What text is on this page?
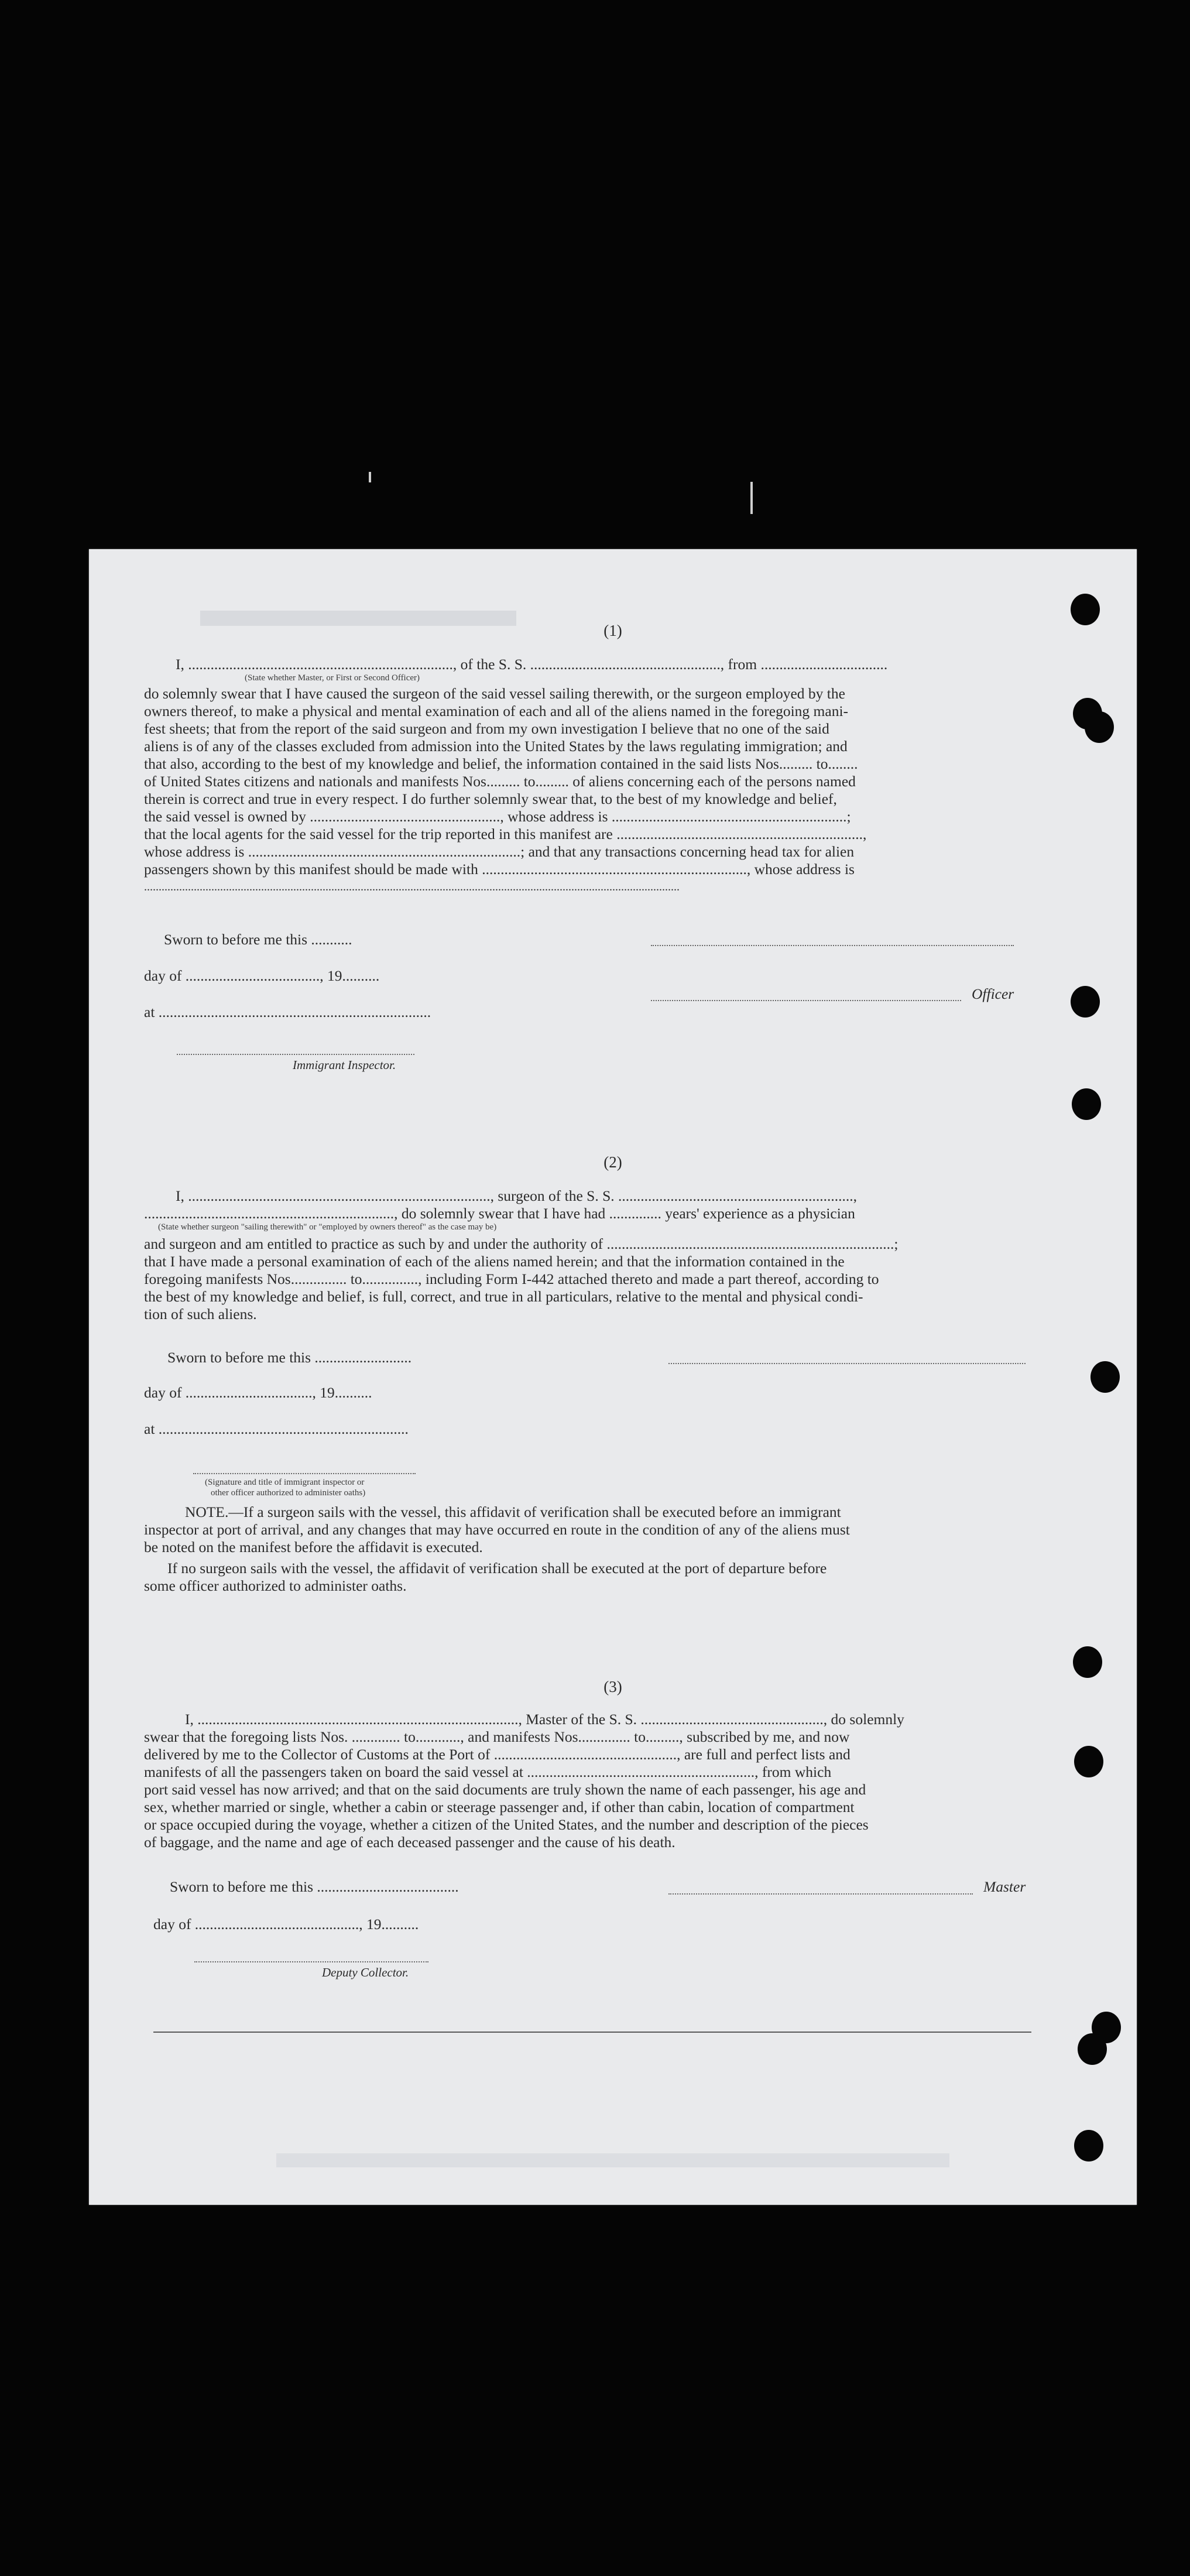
(1)
I, ......................................................................., of the S. S. ..................................................., from ..................................
(State whether Master, or First or Second Officer)
do solemnly swear that I have caused the surgeon of the said vessel sailing therewith, or the surgeon employed by the
owners thereof, to make a physical and mental examination of each and all of the aliens named in the foregoing mani-
fest sheets; that from the report of the said surgeon and from my own investigation I believe that no one of the said
aliens is of any of the classes excluded from admission into the United States by the laws regulating immigration; and
that also, according to the best of my knowledge and belief, the information contained in the said lists Nos......... to........
of United States citizens and nationals and manifests Nos......... to......... of aliens concerning each of the persons named
therein is correct and true in every respect. I do further solemnly swear that, to the best of my knowledge and belief,
the said vessel is owned by ..................................................., whose address is ...............................................................;
that the local agents for the said vessel for the trip reported in this manifest are ..................................................................,
whose address is .........................................................................; and that any transactions concerning head tax for alien
passengers shown by this manifest should be made with ......................................................................., whose address is
.......................................................................................................................................................................................
Sworn to before me this ...........
day of ...................................., 19..........
Officer
at .........................................................................
Immigrant Inspector.
(2)
I, ................................................................................., surgeon of the S. S. ...............................................................,
..................................................................., do solemnly swear that I have had .............. years' experience as a physician
(State whether surgeon "sailing therewith" or "employed by owners thereof" as the case may be)
and surgeon and am entitled to practice as such by and under the authority of .............................................................................;
that I have made a personal examination of each of the aliens named herein; and that the information contained in the
foregoing manifests Nos............... to..............., including Form I-442 attached thereto and made a part thereof, according to
the best of my knowledge and belief, is full, correct, and true in all particulars, relative to the mental and physical condi-
tion of such aliens.
Sworn to before me this ..........................
day of .................................., 19..........
at ...................................................................
(Signature and title of immigrant inspector or
other officer authorized to administer oaths)
NOTE.—If a surgeon sails with the vessel, this affidavit of verification shall be executed before an immigrant
inspector at port of arrival, and any changes that may have occurred en route in the condition of any of the aliens must
be noted on the manifest before the affidavit is executed.
If no surgeon sails with the vessel, the affidavit of verification shall be executed at the port of departure before
some officer authorized to administer oaths.
(3)
I, ......................................................................................, Master of the S. S. ................................................., do solemnly
swear that the foregoing lists Nos. ............. to............, and manifests Nos.............. to........., subscribed by me, and now
delivered by me to the Collector of Customs at the Port of ................................................., are full and perfect lists and
manifests of all the passengers taken on board the said vessel at ............................................................., from which
port said vessel has now arrived; and that on the said documents are truly shown the name of each passenger, his age and
sex, whether married or single, whether a cabin or steerage passenger and, if other than cabin, location of compartment
or space occupied during the voyage, whether a citizen of the United States, and the number and description of the pieces
of baggage, and the name and age of each deceased passenger and the cause of his death.
Sworn to before me this ......................................	Master
day of ............................................, 19..........
Deputy Collector.
